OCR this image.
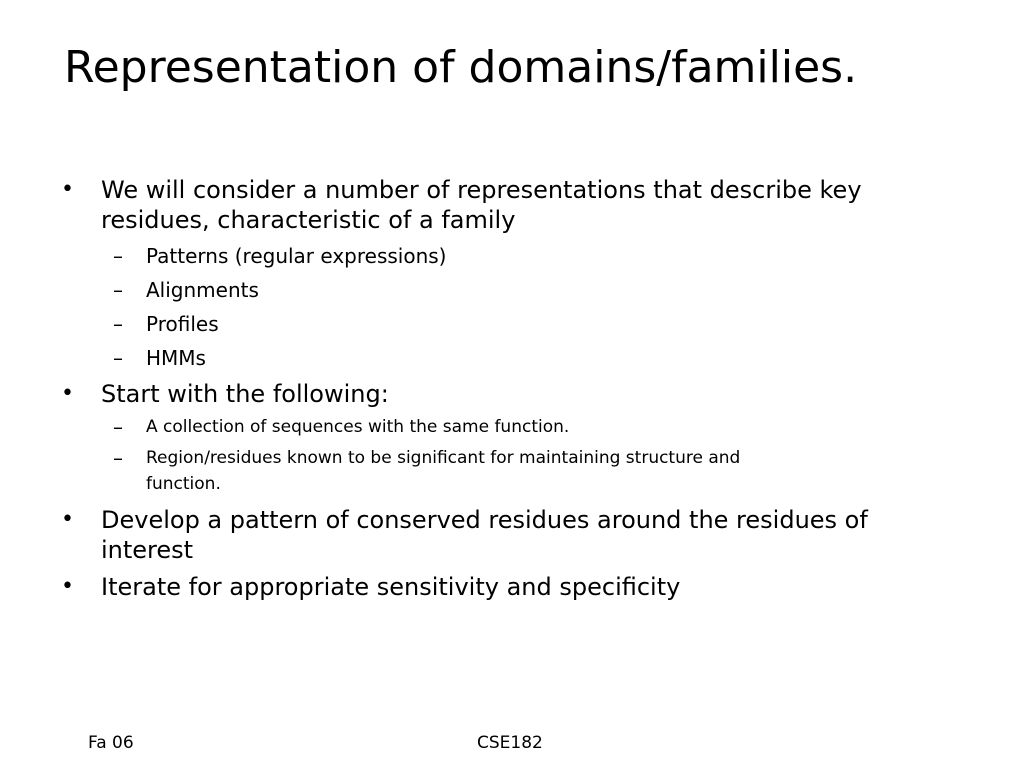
Representation of domains/families.
• We will consider a number of representations that describe key
residues, characteristic of a family
– Patterns (regular expressions)
– Alignments
– Profiles
– HMMs
• Start with the following:
– A collection of sequences with the same function.
– Region/residues known to be significant for maintaining structure and
function.
• Develop a pattern of conserved residues around the residues of
interest
• Iterate for appropriate sensitivity and specificity
Fa 06	CSE182
